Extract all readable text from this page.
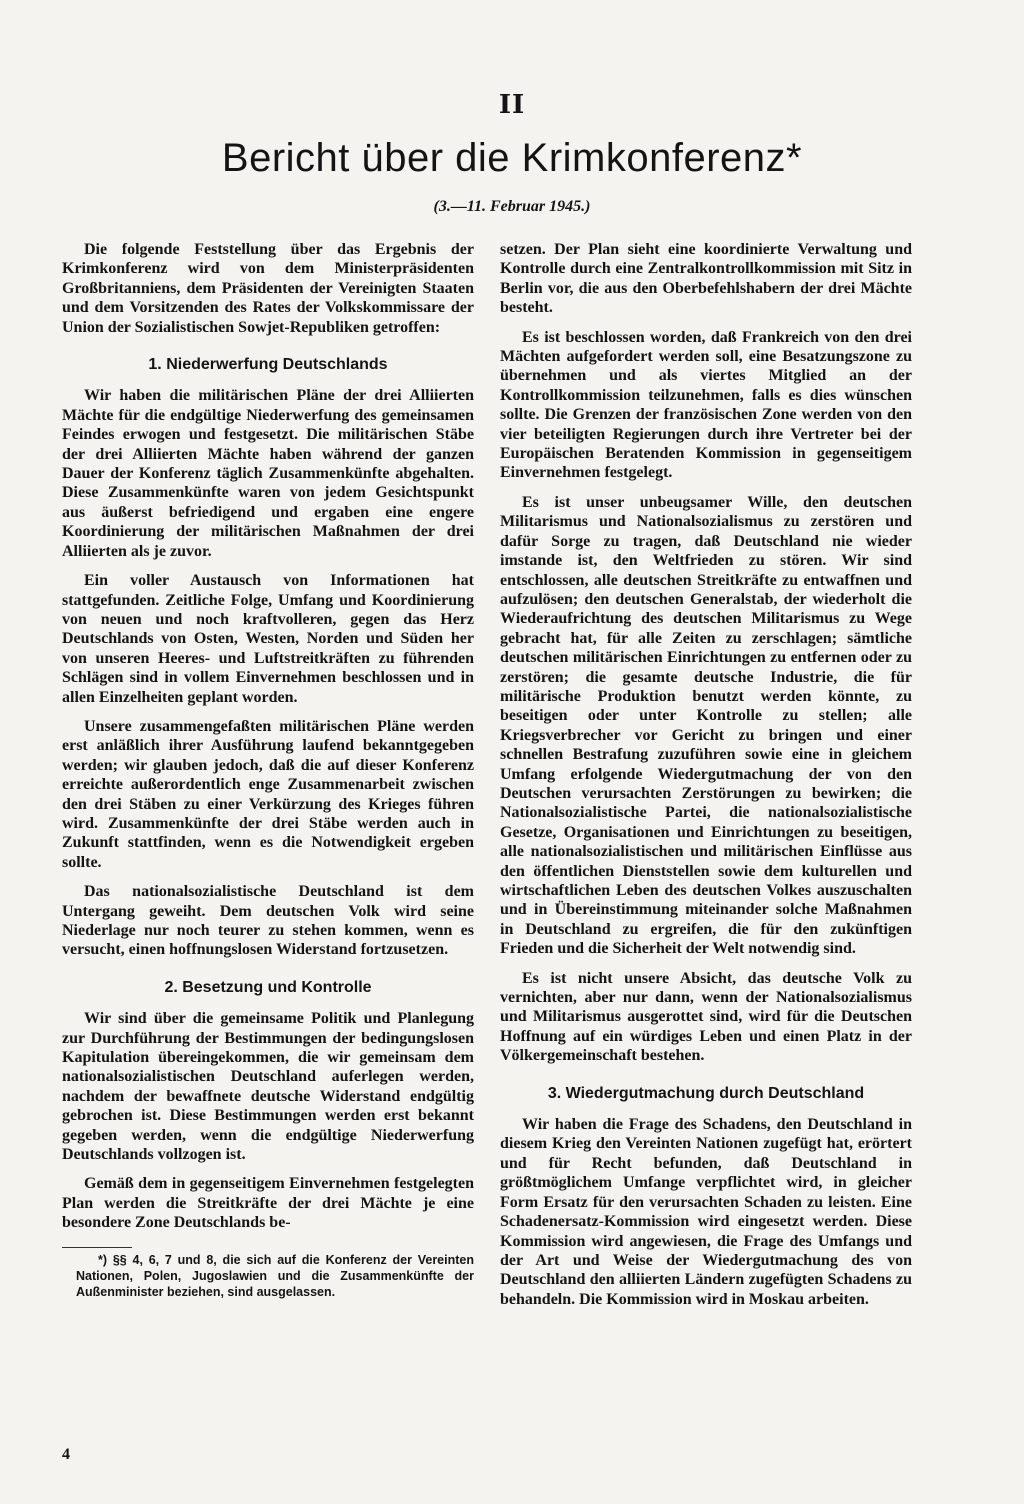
II
Bericht über die Krimkonferenz*
(3.—11. Februar 1945.)

Die folgende Feststellung über das Ergebnis der Krimkonferenz wird von dem Ministerpräsidenten Großbritanniens, dem Präsidenten der Vereinigten Staaten und dem Vorsitzenden des Rates der Volkskommissare der Union der Sozialistischen Sowjet-Republiken getroffen:

1. Niederwerfung Deutschlands

Wir haben die militärischen Pläne der drei Alliierten Mächte für die endgültige Niederwerfung des gemeinsamen Feindes erwogen und festgesetzt. Die militärischen Stäbe der drei Alliierten Mächte haben während der ganzen Dauer der Konferenz täglich Zusammenkünfte abgehalten. Diese Zusammenkünfte waren von jedem Gesichtspunkt aus äußerst befriedigend und ergaben eine engere Koordinierung der militärischen Maßnahmen der drei Alliierten als je zuvor.

Ein voller Austausch von Informationen hat stattgefunden. Zeitliche Folge, Umfang und Koordinierung von neuen und noch kraftvolleren, gegen das Herz Deutschlands von Osten, Westen, Norden und Süden her von unseren Heeres- und Luftstreitkräften zu führenden Schlägen sind in vollem Einvernehmen beschlossen und in allen Einzelheiten geplant worden.

Unsere zusammengefaßten militärischen Pläne werden erst anläßlich ihrer Ausführung laufend bekanntgegeben werden; wir glauben jedoch, daß die auf dieser Konferenz erreichte außerordentlich enge Zusammenarbeit zwischen den drei Stäben zu einer Verkürzung des Krieges führen wird. Zusammenkünfte der drei Stäbe werden auch in Zukunft stattfinden, wenn es die Notwendigkeit ergeben sollte.

Das nationalsozialistische Deutschland ist dem Untergang geweiht. Dem deutschen Volk wird seine Niederlage nur noch teurer zu stehen kommen, wenn es versucht, einen hoffnungslosen Widerstand fortzusetzen.

2. Besetzung und Kontrolle

Wir sind über die gemeinsame Politik und Planlegung zur Durchführung der Bestimmungen der bedingungslosen Kapitulation übereingekommen, die wir gemeinsam dem nationalsozialistischen Deutschland auferlegen werden, nachdem der bewaffnete deutsche Widerstand endgültig gebrochen ist. Diese Bestimmungen werden erst bekannt gegeben werden, wenn die endgültige Niederwerfung Deutschlands vollzogen ist.

Gemäß dem in gegenseitigem Einvernehmen festgelegten Plan werden die Streitkräfte der drei Mächte je eine besondere Zone Deutschlands be-

*) §§ 4, 6, 7 und 8, die sich auf die Konferenz der Vereinten Nationen, Polen, Jugoslawien und die Zusammenkünfte der Außenminister beziehen, sind ausgelassen.

setzen. Der Plan sieht eine koordinierte Verwaltung und Kontrolle durch eine Zentralkontrollkommission mit Sitz in Berlin vor, die aus den Oberbefehlshabern der drei Mächte besteht.

Es ist beschlossen worden, daß Frankreich von den drei Mächten aufgefordert werden soll, eine Besatzungszone zu übernehmen und als viertes Mitglied an der Kontrollkommission teilzunehmen, falls es dies wünschen sollte. Die Grenzen der französischen Zone werden von den vier beteiligten Regierungen durch ihre Vertreter bei der Europäischen Beratenden Kommission in gegenseitigem Einvernehmen festgelegt.

Es ist unser unbeugsamer Wille, den deutschen Militarismus und Nationalsozialismus zu zerstören und dafür Sorge zu tragen, daß Deutschland nie wieder imstande ist, den Weltfrieden zu stören. Wir sind entschlossen, alle deutschen Streitkräfte zu entwaffnen und aufzulösen; den deutschen Generalstab, der wiederholt die Wiederaufrichtung des deutschen Militarismus zu Wege gebracht hat, für alle Zeiten zu zerschlagen; sämtliche deutschen militärischen Einrichtungen zu entfernen oder zu zerstören; die gesamte deutsche Industrie, die für militärische Produktion benutzt werden könnte, zu beseitigen oder unter Kontrolle zu stellen; alle Kriegsverbrecher vor Gericht zu bringen und einer schnellen Bestrafung zuzuführen sowie eine in gleichem Umfang erfolgende Wiedergutmachung der von den Deutschen verursachten Zerstörungen zu bewirken; die Nationalsozialistische Partei, die nationalsozialistische Gesetze, Organisationen und Einrichtungen zu beseitigen, alle nationalsozialistischen und militärischen Einflüsse aus den öffentlichen Dienststellen sowie dem kulturellen und wirtschaftlichen Leben des deutschen Volkes auszuschalten und in Übereinstimmung miteinander solche Maßnahmen in Deutschland zu ergreifen, die für den zukünftigen Frieden und die Sicherheit der Welt notwendig sind.

Es ist nicht unsere Absicht, das deutsche Volk zu vernichten, aber nur dann, wenn der Nationalsozialismus und Militarismus ausgerottet sind, wird für die Deutschen Hoffnung auf ein würdiges Leben und einen Platz in der Völkergemeinschaft bestehen.

3. Wiedergutmachung durch Deutschland

Wir haben die Frage des Schadens, den Deutschland in diesem Krieg den Vereinten Nationen zugefügt hat, erörtert und für Recht befunden, daß Deutschland in größtmöglichem Umfange verpflichtet wird, in gleicher Form Ersatz für den verursachten Schaden zu leisten. Eine Schadenersatz-Kommission wird eingesetzt werden. Diese Kommission wird angewiesen, die Frage des Umfangs und der Art und Weise der Wiedergutmachung des von Deutschland den alliierten Ländern zugefügten Schadens zu behandeln. Die Kommission wird in Moskau arbeiten.

4
